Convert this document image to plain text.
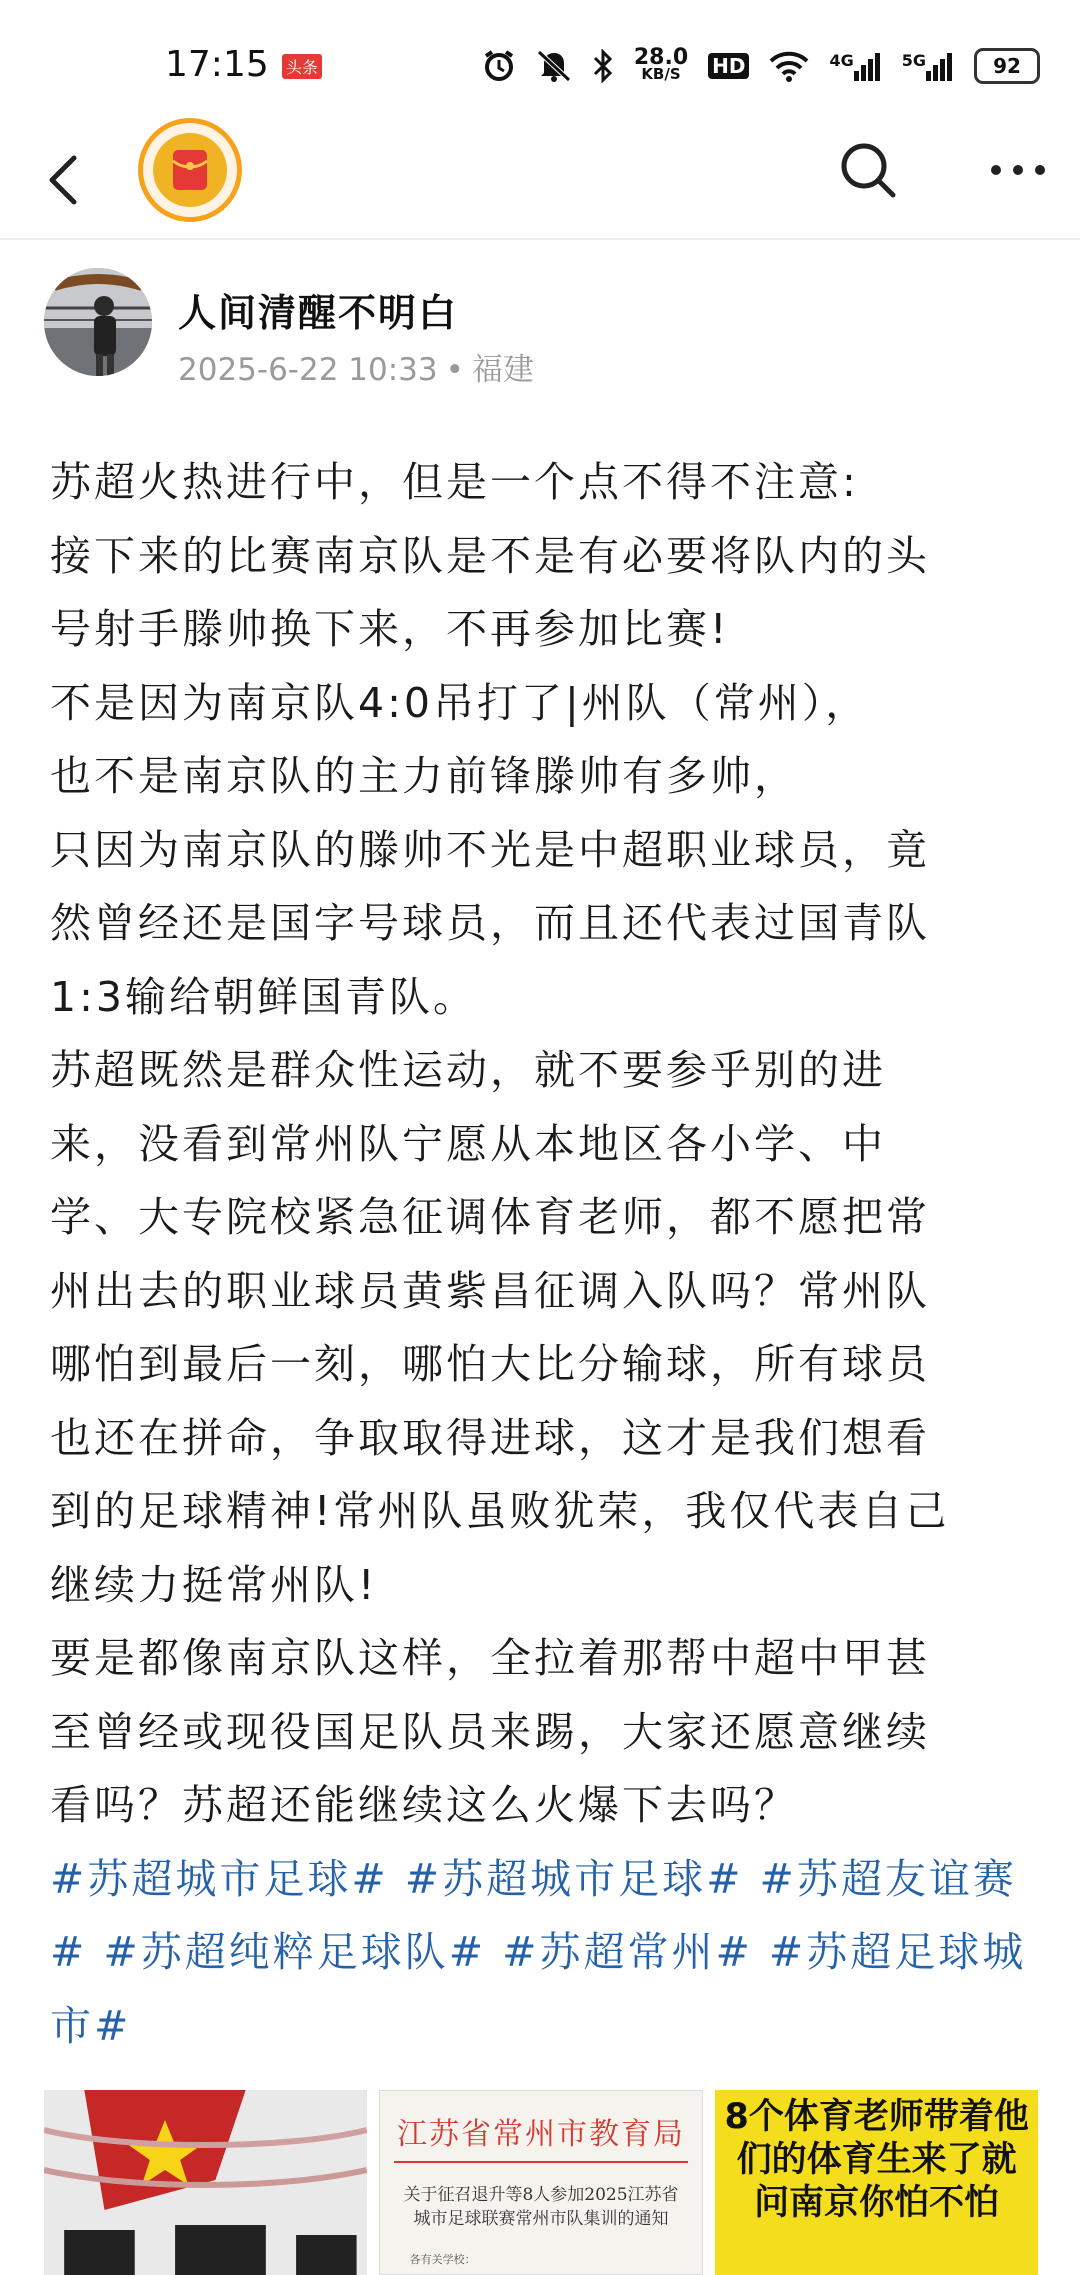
17:15 头条	28.0
KB/S	HD	4G	5G	92
人间清醒不明白
2025-6-22 10:33 • 福建

苏超火热进行中，但是一个点不得不注意:

接下来的比赛南京队是不是有必要将队内的头

号射手滕帅换下来，不再参加比赛!

不是因为南京队4:0吊打了|州队（常州），

也不是南京队的主力前锋滕帅有多帅，

只因为南京队的滕帅不光是中超职业球员，竟

然曾经还是国字号球员，而且还代表过国青队

1:3输给朝鲜国青队。

苏超既然是群众性运动，就不要参乎别的进

来，没看到常州队宁愿从本地区各小学、中

学、大专院校紧急征调体育老师，都不愿把常

州出去的职业球员黄紫昌征调入队吗？常州队

哪怕到最后一刻，哪怕大比分输球，所有球员

也还在拼命，争取取得进球，这才是我们想看

到的足球精神!常州队虽败犹荣，我仅代表自己

继续力挺常州队!

要是都像南京队这样，全拉着那帮中超中甲甚

至曾经或现役国足队员来踢，大家还愿意继续

看吗？苏超还能继续这么火爆下去吗？

#苏超城市足球# #苏超城市足球# #苏超友谊赛

# #苏超纯粹足球队# #苏超常州# #苏超足球城

市#

江苏省常州市教育局
关于征召退升等8人参加2025江苏省城市足球联赛常州市队集训的通知
各有关学校：
8个体育老师带着他们的体育生来了就问南京你怕不怕
